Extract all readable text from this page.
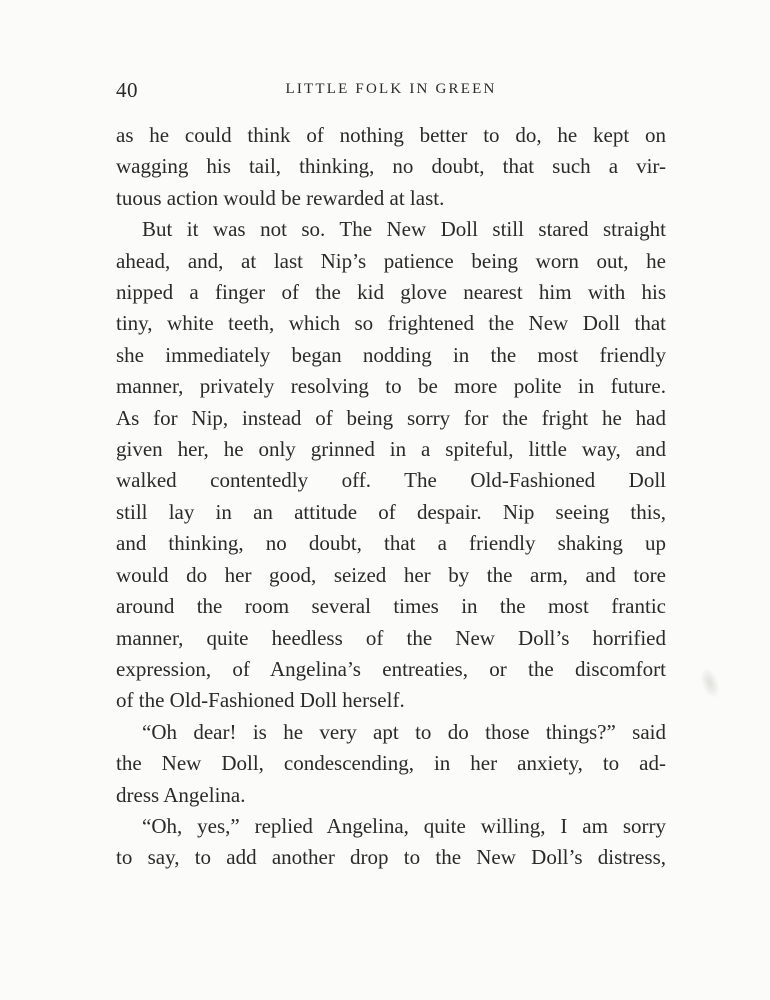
40	LITTLE FOLK IN GREEN

as he could think of nothing better to do, he kept on

wagging his tail, thinking, no doubt, that such a vir-

tuous action would be rewarded at last.

But it was not so. The New Doll still stared straight

ahead, and, at last Nip’s patience being worn out, he

nipped a finger of the kid glove nearest him with his

tiny, white teeth, which so frightened the New Doll that

she immediately began nodding in the most friendly

manner, privately resolving to be more polite in future.

As for Nip, instead of being sorry for the fright he had

given her, he only grinned in a spiteful, little way, and

walked contentedly off. The Old-Fashioned Doll

still lay in an attitude of despair. Nip seeing this,

and thinking, no doubt, that a friendly shaking up

would do her good, seized her by the arm, and tore

around the room several times in the most frantic

manner, quite heedless of the New Doll’s horrified

expression, of Angelina’s entreaties, or the discomfort

of the Old-Fashioned Doll herself.

“Oh dear! is he very apt to do those things?” said

the New Doll, condescending, in her anxiety, to ad-

dress Angelina.

“Oh, yes,” replied Angelina, quite willing, I am sorry

to say, to add another drop to the New Doll’s distress,
